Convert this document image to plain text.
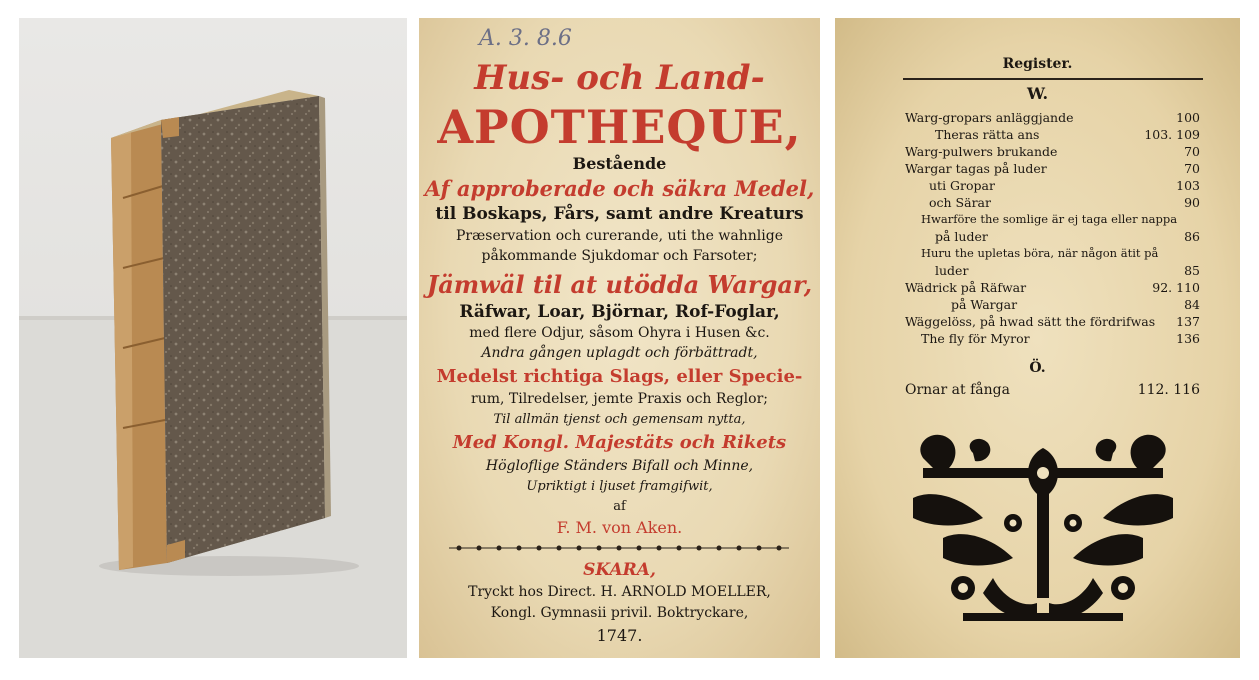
A. 3. 8.6
Hus- och Land-
APOTHEQUE,
Bestående
Af approberade och säkra Medel,
til Boskaps, Fårs, samt andre Kreaturs
Præservation och curerande, uti the wahnlige
påkommande Sjukdomar och Farsoter;
Jämwäl til at utödda Wargar,
Räfwar, Loar, Björnar, Rof-Foglar,
med flere Odjur, såsom Ohyra i Husen &c.
Andra gången uplagdt och förbättradt,
Medelst richtiga Slags, eller Specie-
rum, Tilredelser, jemte Praxis och Reglor;
Til allmän tjenst och gemensam nytta,
Med Kongl. Majestäts och Rikets
Högloflige Ständers Bifall och Minne,
Upriktigt i ljuset framgifwit,
af
F. M. von Aken.
SKARA,
Tryckt hos Direct. H. ARNOLD MOELLER,
Kongl. Gymnasii privil. Boktryckare,
1747.
Register.
W.
Warg-gropars anläggjande	100
Theras rätta ans	103. 109
Warg-pulwers brukande	70
Wargar tagas på luder	70
uti Gropar	103
och Särar	90
Hwarföre the somlige är ej taga eller nappa
på luder	86
Huru the upletas böra, när någon ätit på
luder	85
Wädrick på Räfwar	92. 110
på Wargar	84
Wäggelöss, på hwad sätt the fördrifwas 137
The fly för Myror	136
Ö.
Ornar at fånga	112. 116
